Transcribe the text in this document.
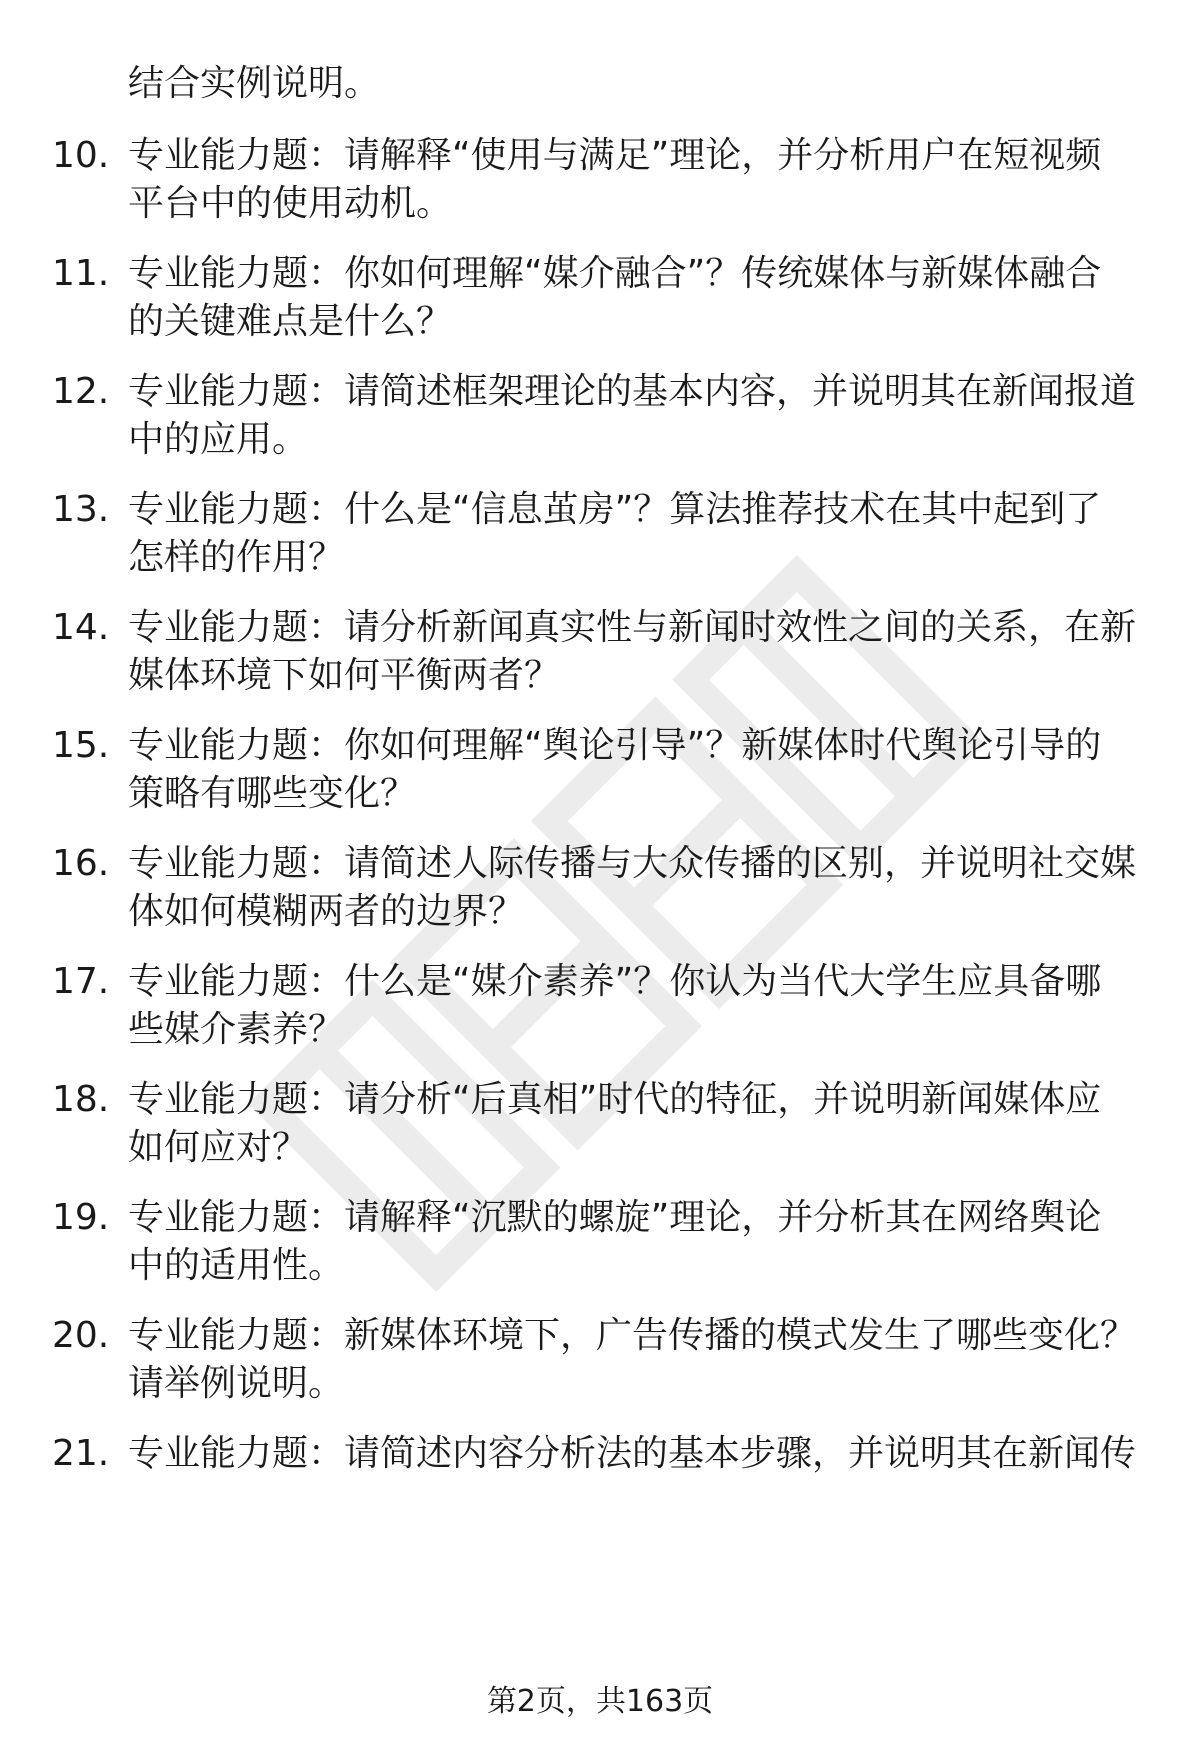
结合实例说明。
10. 专业能力题：请解释“使用与满足”理论，并分析用户在短视频
平台中的使用动机。
11. 专业能力题：你如何理解“媒介融合”？传统媒体与新媒体融合
的关键难点是什么？
12. 专业能力题：请简述框架理论的基本内容，并说明其在新闻报道
中的应用。
13. 专业能力题：什么是“信息茧房”？算法推荐技术在其中起到了
怎样的作用？
14. 专业能力题：请分析新闻真实性与新闻时效性之间的关系，在新
媒体环境下如何平衡两者？
15. 专业能力题：你如何理解“舆论引导”？新媒体时代舆论引导的
策略有哪些变化？
16. 专业能力题：请简述人际传播与大众传播的区别，并说明社交媒
体如何模糊两者的边界？
17. 专业能力题：什么是“媒介素养”？你认为当代大学生应具备哪
些媒介素养？
18. 专业能力题：请分析“后真相”时代的特征，并说明新闻媒体应
如何应对？
19. 专业能力题：请解释“沉默的螺旋”理论，并分析其在网络舆论
中的适用性。
20. 专业能力题：新媒体环境下，广告传播的模式发生了哪些变化？
请举例说明。
21. 专业能力题：请简述内容分析法的基本步骤，并说明其在新闻传
第2页，共163页
